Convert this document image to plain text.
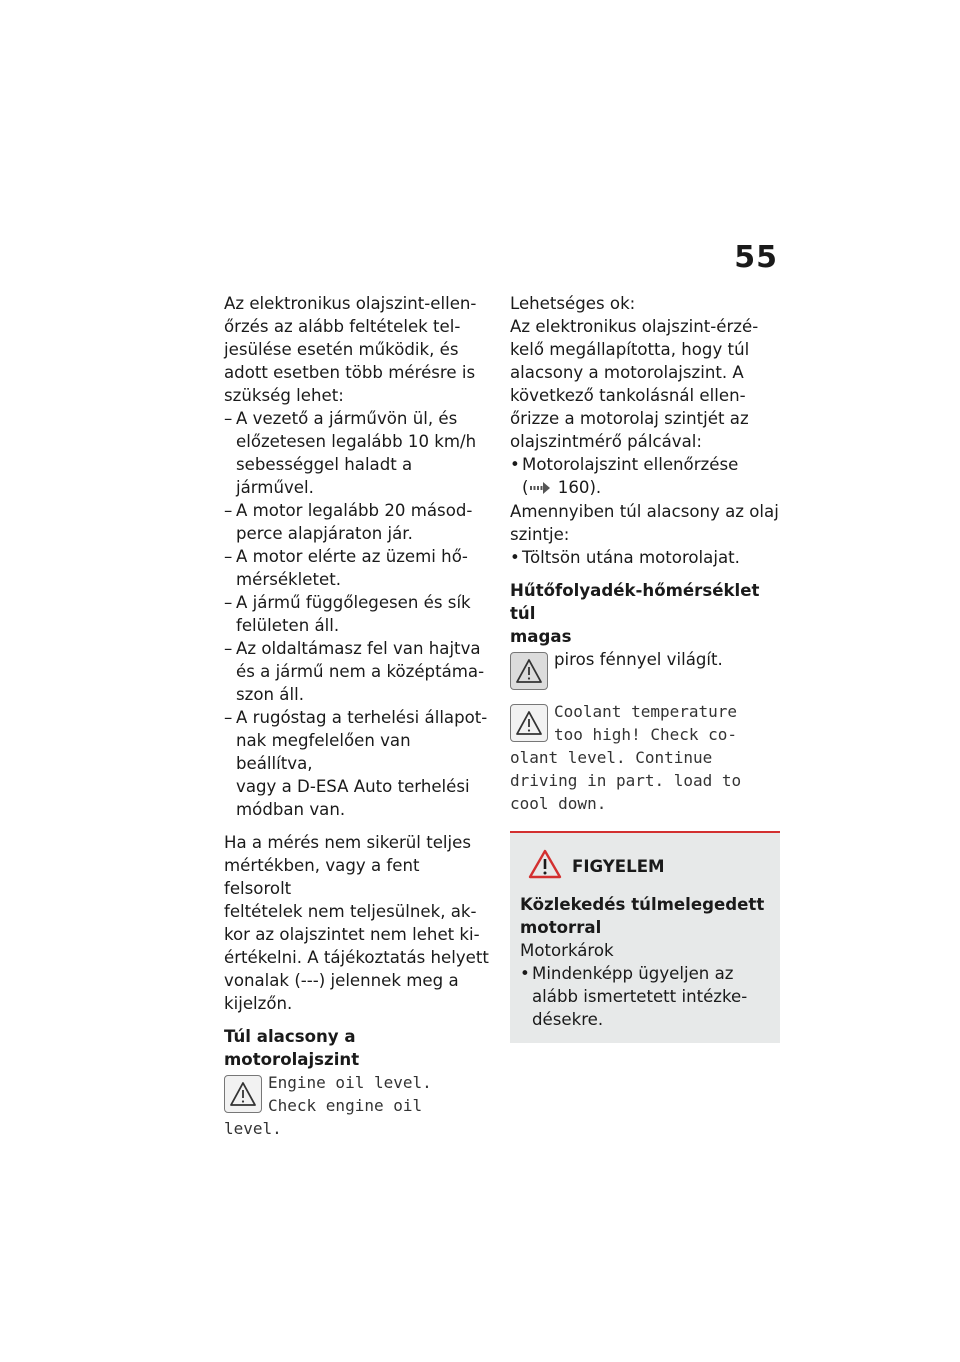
55
Az elektronikus olajszint-ellen-
őrzés az alább feltételek tel-
jesülése esetén működik, és
adott esetben több mérésre is
szükség lehet:
– A vezető a járművön ül, és
előzetesen legalább 10 km/h
sebességgel haladt a járművel.
– A motor legalább 20 másod-
perce alapjáraton jár.
– A motor elérte az üzemi hő-
mérsékletet.
– A jármű függőlegesen és sík
felületen áll.
– Az oldaltámasz fel van hajtva
és a jármű nem a középtáma-
szon áll.
– A rugóstag a terhelési állapot-
nak megfelelően van beállítva,
vagy a D-ESA Auto terhelési
módban van.
Ha a mérés nem sikerül teljes
mértékben, vagy a fent felsorolt
feltételek nem teljesülnek, ak-
kor az olajszintet nem lehet ki-
értékelni. A tájékoztatás helyett
vonalak (---) jelennek meg a
kijelzőn.
Túl alacsony a motorolajszint
Engine oil level.
Check engine oil
level.
Lehetséges ok:
Az elektronikus olajszint-érzé-
kelő megállapította, hogy túl
alacsony a motorolajszint. A
következő tankolásnál ellen-
őrizze a motorolaj szintjét az
olajszintmérő pálcával:
• Motorolajszint ellenőrzése
( 160).
Amennyiben túl alacsony az olaj
szintje:
• Töltsön utána motorolajat.
Hűtőfolyadék-hőmérséklet túl
magas
piros fénnyel világít.
Coolant temperature
too high! Check co-
olant level. Continue
driving in part. load to
cool down.
FIGYELEM
Közlekedés túlmelegedett
motorral
Motorkárok
• Mindenképp ügyeljen az
alább ismertetett intézke-
désekre.
